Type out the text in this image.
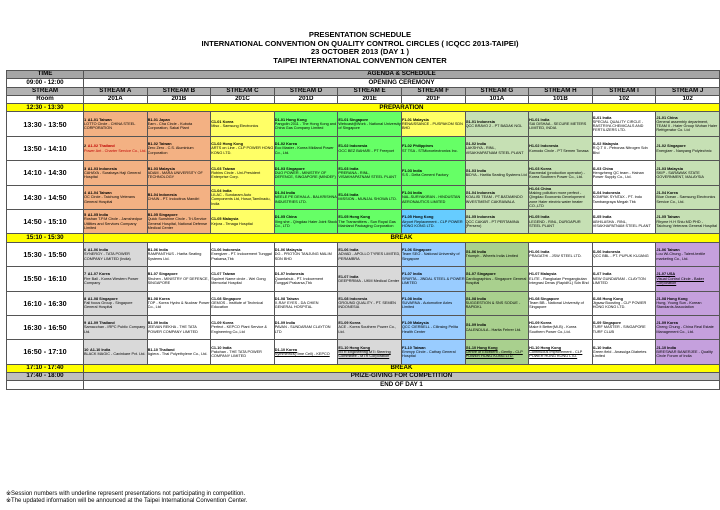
PRESENTATION SCHEDULE
INTERNATIONAL CONVENTION ON QUALITY CONTROL CIRCLES ( ICQCC 2013-TAIPEI)
23 OCTOBER 2013 (DAY 1 )
TAIPEI INTERNATIONAL CONVENTION CENTER
TIME	AGENDA & SCHEDULE									
09:00 - 12:00	OPENING CEREMONY									
STREAM	STREAM A	STREAM B	STREAM C	STREAM D	STREAM E	STREAM F	STREAM G	STREAM H	STREAM I	STREAM J
Room	201A	201B	201C	201D	201E	201F	101A	101B	102	102
12:30 - 13:30	PREPARATION									
13:30 - 13:50	1 A1-01 Taiwan
LOTTO Circle - CHINA STEEL CORPORATION	B1-01 Japan
Earn - Cha Circle - Kubota Corporation, Sakai Plant	C1-01 Korea
Miso - Samsung Electronics	D1-01 Hong Kong
Pangolin 2011 - The Hong Kong and China Gas Company Limited	E1-01 Singapore
Webcast@Work - National University of Singapore	F1-01 Malaysia
RENAISSANCE - PUSPAKOM SDN BHD	G1-01 Indonesia
QCC BRAVO 2 - PT BADAK NGL	H1-01 India
SAI DISHAA - SECURE METERS LIMITED, INDIA	I1-01 India
SPECIAL QUALITY CIRCLE - RASTRIYA CHEMICALS AND FERTILIZERS LTD.	J1-01 China
General assembly department, TEAM II - Haier Group Wuhan Haier Refrigerator Co. Ltd

13:50 - 14:10	2 A1-02 Thailand
Power Ant - Charter Service Co., Ltd.	B1-02 Taiwan
Zero Zero - C.S. Aluminium Corporation	C1-02 Hong Kong
ARTS on Line - CLP POWER HONG KONG LTD.	D1-02 Korea
Eco Master - Korea Midland Power Co., Ltd.	E1-02 Indonesia
OCC BEZ BAHARI - PT Freeport	F1-02 Philippines
ST TSA - STMicroelectronics Inc.	G1-02 India
LAKSHYA - RINL, VISAKHAPATNAM STEEL PLANT	H1-02 Indonesia
Komodo Circle - PT Semen Tonasa	I1-02 Malaysia
R.Q.T II - Petronas Nitrogen Sdn Bhd	J1-02 Singapore
Energizer - Nanyang Polytechnic

14:10 - 14:30	3 A1-03 Indonesia
CAHAYA - Surabaya Haji General Hospital	B1-03 Malaysia
ADAM - MARA UNIVERSITY OF TECHNOLOGY	C1-03 Taiwan
Robins Circle - Uni-President Enterprise Corp.	D1-03 Singapore
DUO POWER - MINISTRY OF DEFENCE, SINGAPORE (MINDEF)	E1-03 India
PRERANA - RINL, VISAKHAPATNAM STEEL PLANT	F1-03 India
S.S - Delta Cement Factory	G1-03 India
BIDYA - Haritia Seating Systems Ltd	H1-03 Korea
Bacmedal (production operator) - Korea Southern Power Co., Ltd.	I1-03 China
Hengzheng QC team - Hainan Power Supply Co., Ltd.	J1-03 Malaysia
SKIP - SARAWAK STATE GOVERNMENT, MALAYSIA

14:30 - 14:50	4 A1-04 Taiwan
OC Circle - Taichung Veterans General Hospital	B1-04 Indonesia
CHAIN - PT. Indocitrus Mandiri	C1-04 India
LILAC - Sundaram Auto Components Ltd, Hosur,Tamilnadu, India	D1-04 India
NEELE PE DEHALA - BALKRISHNA INDUSTRIES LTD.	E1-04 India
MISSION - MUNJAL SHOWA LTD.	F1-04 India
NAL-SURYAKIRAN - HINDUSTAN AERONAUTICS LIMITED	G1-04 Indonesia
KOALISI TEAM - PT.BATAMINDO INVESTMENT CAKRAWALA	H1-04 China
Making pollution more perfect - Qingdao Economic Development zone Haier electric water heater CO.,LTD	I1-04 Indonesia
KOMPAK SYNTAX - PT. Indo Tambangraya Megah Tbk	J1-04 Korea
Blue Ocean - Samsung Electronics Service Co., Ltd.

14:50 - 15:10	5 A1-05 India
Roshan T.P.M Circle - Jamshedpur Utilities and Services Company Limited	B1-05 Singapore
Quick Sunshine Circle - Tri-Service General Hospital, National Defense Medical Center	C1-05 Malaysia
Kejora - Tenaga Hospital	D1-05 China
Xing she - Qingdao Haier Joint Stock Co., LTD	E1-05 Hong Kong
The Transmitters - Sun Royal Gas Mainland Packaging Corporation	F1-05 Hong Kong
Airport Replacement - CLP POWER HONG KONG LTD.	G1-05 Indonesia
QCC CAKAR - PT PERTAMINA (Persero)	H1-05 India
LEGEND - RINL, DURGAPUR STEEL PLANT	I1-05 India
ABHILASHA - RINL, VISAKHAPATNAM STEEL PLANT	J1-05 Taiwan
Rhyme H.H Shiu MD PHD - Taichung Veterans General Hospital

15:10 - 15:30	BREAK									
15:30 - 15:50	6 A1-06 India
SYNERGY - TATA POWER COMPANY LIMITED (India)	B1-06 India
RAMPANTHUS - Harita Seating Systems Ltd.	C1-06 Indonesia
Energizer - PT. Indocement Tunggal Prakarsa,Tbk	D1-06 Malaysia
DG - PROTON TANJUNG MALIM SDN BHD	E1-06 India
ADVAD - APOLLO TYRES LIMITED, PERAMBRA	F1-06 Singapore
Team SEO - National University of Singapore	G1-06 India
Triumph - Wheels India Limited	H1-06 India
PRAGATHI - JSW STEEL LTD.	I1-06 Indonesia
QCC BBL - PT. PUPUK KUJANG	J1-06 Taiwan
Lou Wi-Chung - Talent-textile marketing Co., Ltd.

15:50 - 16:10	7 A1-07 Korea
Fire Ball - Korea Western Power Company	B1-07 Singapore
Shuhen - MINISTRY OF DEFENCE, SINGAPORE	C1-07 Taiwan
Squirrel Name circle - Wei Gong Memorial Hospital	D1-07 Indonesia
Quantahuk - PT. Indocement Tunggal Prakarsa,Tbk	E1-07 India
DEEPRRIMA - UKM Medical Center	F1-07 India
SPARTA - JINDAL STEEL & POWER LIMITED	G1-07 Singapore
Cardiographics - Singapore General Hospital	H1-07 Malaysia
ELITE - Rangkaian Pengangkutan Integrasi Deras (RapidKL) Sdn Bhd	I1-07 India
NEW GUNDARAM - CLAYTON LIMITED	J1-07 USA
Visual Control Circle - Baker Corporation

16:10 - 16:30	8 A1-08 Singapore
Fall focus Group - Singapore General Hospital	B1-08 Korea
TOP - Korea Hydro & Nuclear Power Co., Ltd	C1-08 Singapore
GEMOS - Institute of Technical Education	D1-08 Taiwan
X-RAY EYES - DA CHIEN GENERAL HOSPITAL	E1-08 Indonesia
GROUND QUALITY - PT. SEMEN INDONESIA	F1-08 India
SUVARNA - Automotive Axles Limited	G1-08 India
SUGGESTION & SNS SODUE - RAPIDKL	H1-08 Singapore
Team BB - National University of Singapore	I1-08 Hong Kong
Jigsaw Boosting - CLP POWER HONG KONG LTD.	J1-08 Hong Kong
Hung, Young Sun - Korean Standards Association

16:30 - 16:50	9 A1-09 Thailand
Samacchan - IRPC Public Company Ltd.	B1-09 India
JEEVAN REKHA - THE TATA POWER COMPANY LIMITED	C1-09 Korea
Perfect - KEPCO Plant Service & Engineering Co.,Ltd	D1-09 India
PAVAN - SUNDARAM CLAYTON LTD	E1-09 Korea
ACE - Korea Southern Power Co., Ltd.	F1-09 Malaysia
QCC CIERBELL - Cilinsing Pelita Health Center	G1-09 India
CALENDULA - Harita Fehrer Ltd.	H1-09 Korea
Make it Better(Mi-B) - Korea Southern Power Co.,Ltd.	I1-09 Singapore
TURF MASTER - SINGAPORE TURF CLUB	J1-09 Korea
Cheng Chung - China Real Estate Management Co., Ltd.

16:50 - 17:10	10 A1-10 India
BLACK MAGIC - Cavinkare Pvt. Ltd.	B1-10 Thailand
Agiera - Thai Polyethylene Co., Ltd.	C1-10 India
Pakchan - THE TATA POWER COMPANY LIMITED	D1-10 Korea
Symmetrics(Time Cell) - KEPCO	E1-10 Hong Kong
MTR Engineering MTI Steering Committee - MTR Corporation	F1-10 Taiwan
Emmyp Circle - Cathay General Hospital	G1-10 Hong Kong
Centre of Excellent - Gently - CLP POWER HONG KONG LTD.	H1-10 Hong Kong
Continuous Improvement - CLP POWER HONG KONG LTD.	I1-10 India
Green field - Anasuiga Diabetes Limited	J1-10 India
BIRESWAR BANERJEE - Quality Circle Forum of India

17:10 - 17:40	BREAK									
17:40 - 18:00	PRIZE-GIVING FOR COMPETITION									
	END OF DAY 1									
※Session numbers with underline represent presentations not participating in competition.
※The updated information will be announced at the Taipei International Convention Center.
